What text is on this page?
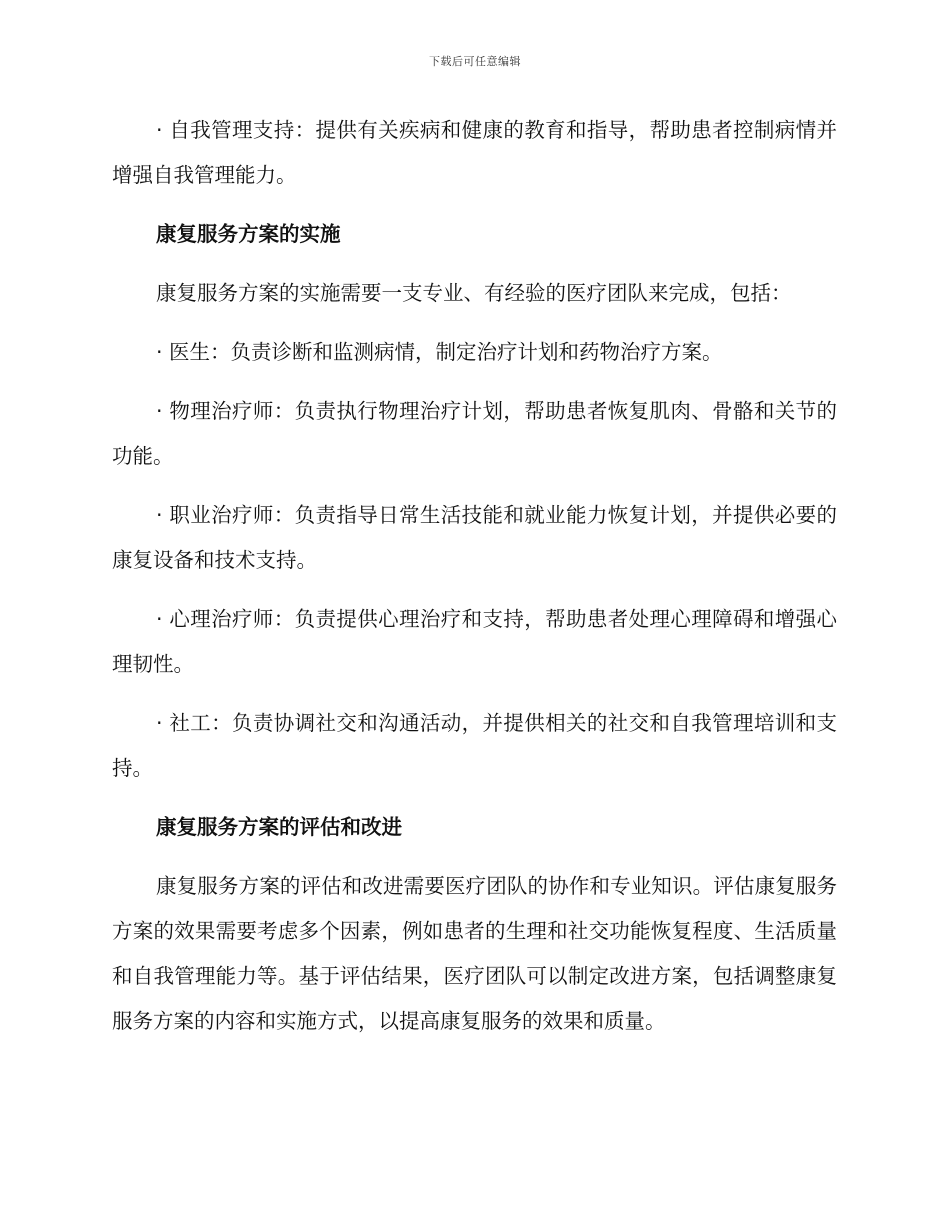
下载后可任意编辑

· 自我管理支持：提供有关疾病和健康的教育和指导，帮助患者控制病情并增强自我管理能力。

康复服务方案的实施

康复服务方案的实施需要一支专业、有经验的医疗团队来完成，包括：

· 医生：负责诊断和监测病情，制定治疗计划和药物治疗方案。

· 物理治疗师：负责执行物理治疗计划，帮助患者恢复肌肉、骨骼和关节的功能。

· 职业治疗师：负责指导日常生活技能和就业能力恢复计划，并提供必要的康复设备和技术支持。

· 心理治疗师：负责提供心理治疗和支持，帮助患者处理心理障碍和增强心理韧性。

· 社工：负责协调社交和沟通活动，并提供相关的社交和自我管理培训和支持。

康复服务方案的评估和改进

康复服务方案的评估和改进需要医疗团队的协作和专业知识。评估康复服务方案的效果需要考虑多个因素，例如患者的生理和社交功能恢复程度、生活质量和自我管理能力等。基于评估结果，医疗团队可以制定改进方案，包括调整康复服务方案的内容和实施方式，以提高康复服务的效果和质量。
